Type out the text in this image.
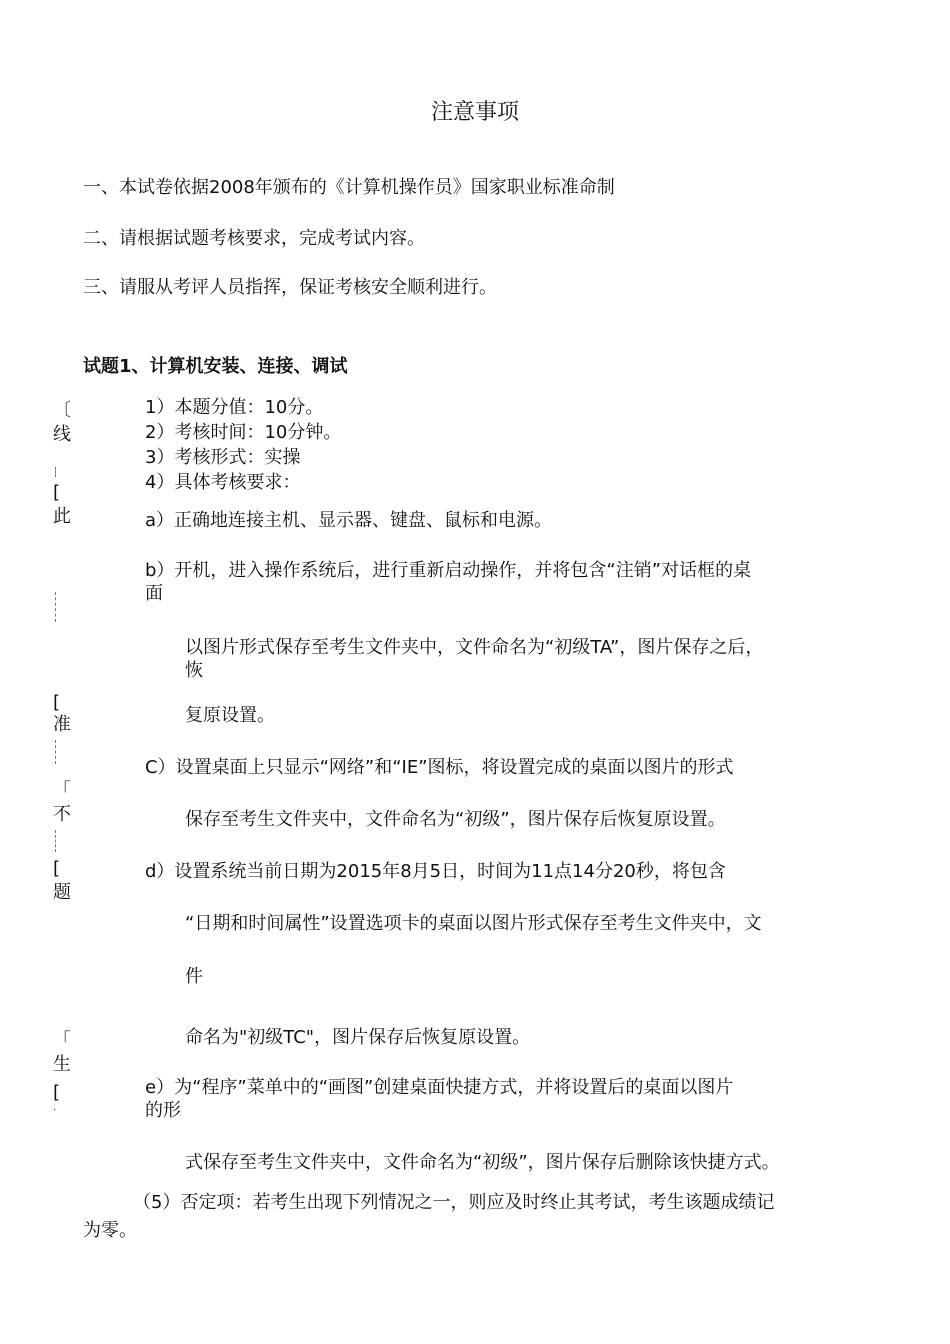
注意事项
一、本试卷依据2008年颁布的《计算机操作员》国家职业标准命制
二、请根据试题考核要求，完成考试内容。
三、请服从考评人员指挥，保证考核安全顺利进行。
试题1、计算机安装、连接、调试
1）本题分值：10分。
2）考核时间：10分钟。
3）考核形式：实操
4）具体考核要求：
a）正确地连接主机、显示器、键盘、鼠标和电源。
b）开机，进入操作系统后，进行重新启动操作，并将包含“注销”对话框的桌
面
以图片形式保存至考生文件夹中，文件命名为“初级TA”，图片保存之后，
恢
复原设置。
C）设置桌面上只显示“网络”和“IE”图标，将设置完成的桌面以图片的形式
保存至考生文件夹中，文件命名为“初级”，图片保存后恢复原设置。
d）设置系统当前日期为2015年8月5日，时间为11点14分20秒，将包含
“日期和时间属性”设置选项卡的桌面以图片形式保存至考生文件夹中，文
件
命名为"初级TC"，图片保存后恢复原设置。
e）为“程序”菜单中的“画图”创建桌面快捷方式，并将设置后的桌面以图片
的形
式保存至考生文件夹中，文件命名为“初级”，图片保存后删除该快捷方式。
（5）否定项：若考生出现下列情况之一，则应及时终止其考试，考生该题成绩记
为零。
〔
线
[
此
[
准
「
不
[
题
「
生
[
·
